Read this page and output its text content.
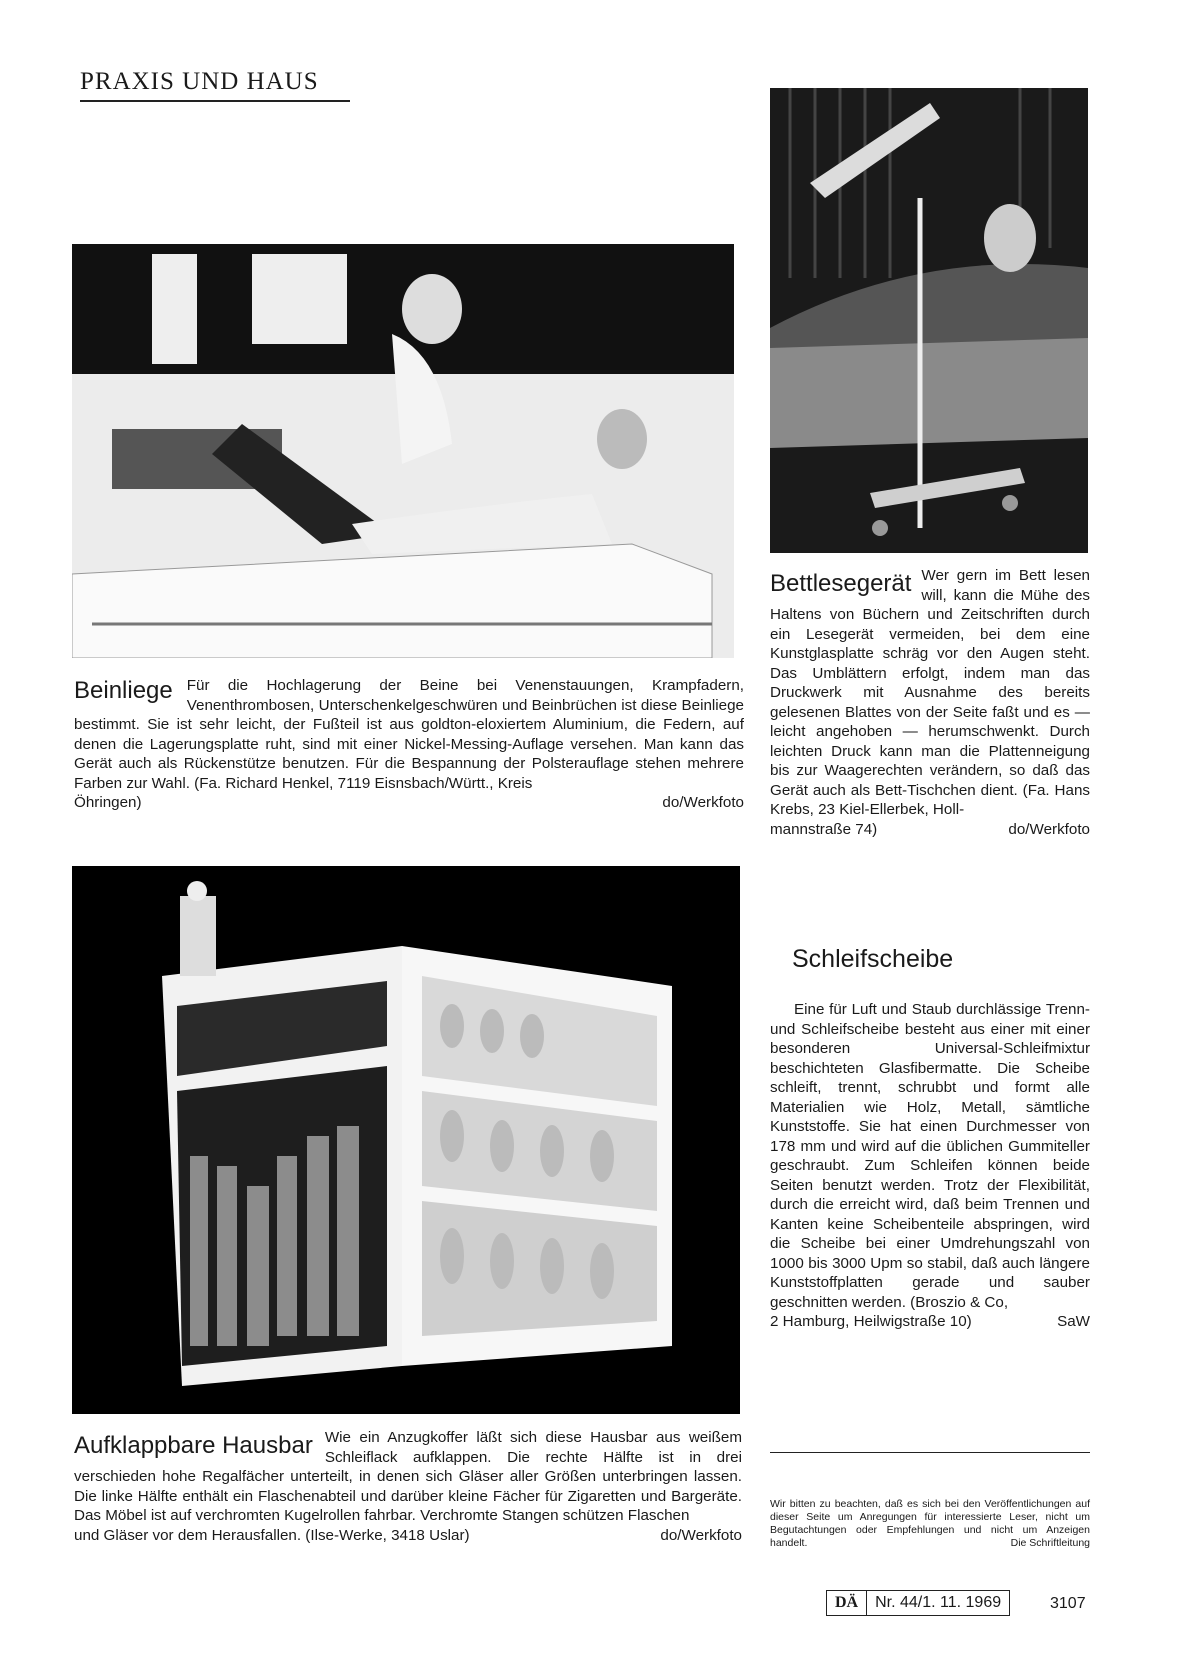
PRAXIS UND HAUS
Beinliege Für die Hochlagerung der Beine bei Venenstauungen, Krampfadern, Venenthrombosen, Unterschenkelgeschwüren und Beinbrüchen ist diese Beinliege bestimmt. Sie ist sehr leicht, der Fußteil ist aus goldton-eloxiertem Aluminium, die Federn, auf denen die Lagerungsplatte ruht, sind mit einer Nickel-Messing-Auflage versehen. Man kann das Gerät auch als Rückenstütze benutzen. Für die Bespannung der Polsterauflage stehen mehrere Farben zur Wahl. (Fa. Richard Henkel, 7119 Eisnsbach/Württ., Kreis
Öhringen)	do/Werkfoto
Bettlesegerät Wer gern im Bett lesen will, kann die Mühe des Haltens von Büchern und Zeitschriften durch ein Lesegerät vermeiden, bei dem eine Kunstglasplatte schräg vor den Augen steht. Das Umblättern erfolgt, indem man das Druckwerk mit Ausnahme des bereits gelesenen Blattes von der Seite faßt und es — leicht angehoben — herumschwenkt. Durch leichten Druck kann man die Plattenneigung bis zur Waagerechten verändern, so daß das Gerät auch als Bett-Tischchen dient. (Fa. Hans Krebs, 23 Kiel-Ellerbek, Holl-
mannstraße 74)	do/Werkfoto
Aufklappbare Hausbar Wie ein Anzugkoffer läßt sich diese Hausbar aus weißem Schleiflack aufklappen. Die rechte Hälfte ist in drei verschieden hohe Regalfächer unterteilt, in denen sich Gläser aller Größen unterbringen lassen. Die linke Hälfte enthält ein Flaschenabteil und darüber kleine Fächer für Zigaretten und Bargeräte. Das Möbel ist auf verchromten Kugelrollen fahrbar. Verchromte Stangen schützen Flaschen
und Gläser vor dem Herausfallen. (Ilse-Werke, 3418 Uslar)	do/Werkfoto
Schleifscheibe
Eine für Luft und Staub durchlässige Trenn- und Schleifscheibe besteht aus einer mit einer besonderen Universal-Schleifmixtur beschichteten Glasfibermatte. Die Scheibe schleift, trennt, schrubbt und formt alle Materialien wie Holz, Metall, sämtliche Kunststoffe. Sie hat einen Durchmesser von 178 mm und wird auf die üblichen Gummiteller geschraubt. Zum Schleifen können beide Seiten benutzt werden. Trotz der Flexibilität, durch die erreicht wird, daß beim Trennen und Kanten keine Scheibenteile abspringen, wird die Scheibe bei einer Umdrehungszahl von 1000 bis 3000 Upm so stabil, daß auch längere Kunststoffplatten gerade und sauber geschnitten werden. (Broszio & Co,
2 Hamburg, Heilwigstraße 10)	SaW
Wir bitten zu beachten, daß es sich bei den Veröffentlichungen auf dieser Seite um Anregungen für interessierte Leser, nicht um Begutachtungen oder Empfehlungen und nicht um Anzeigen handelt.	Die Schriftleitung
DÄ	Nr. 44/1. 11. 1969	3107
